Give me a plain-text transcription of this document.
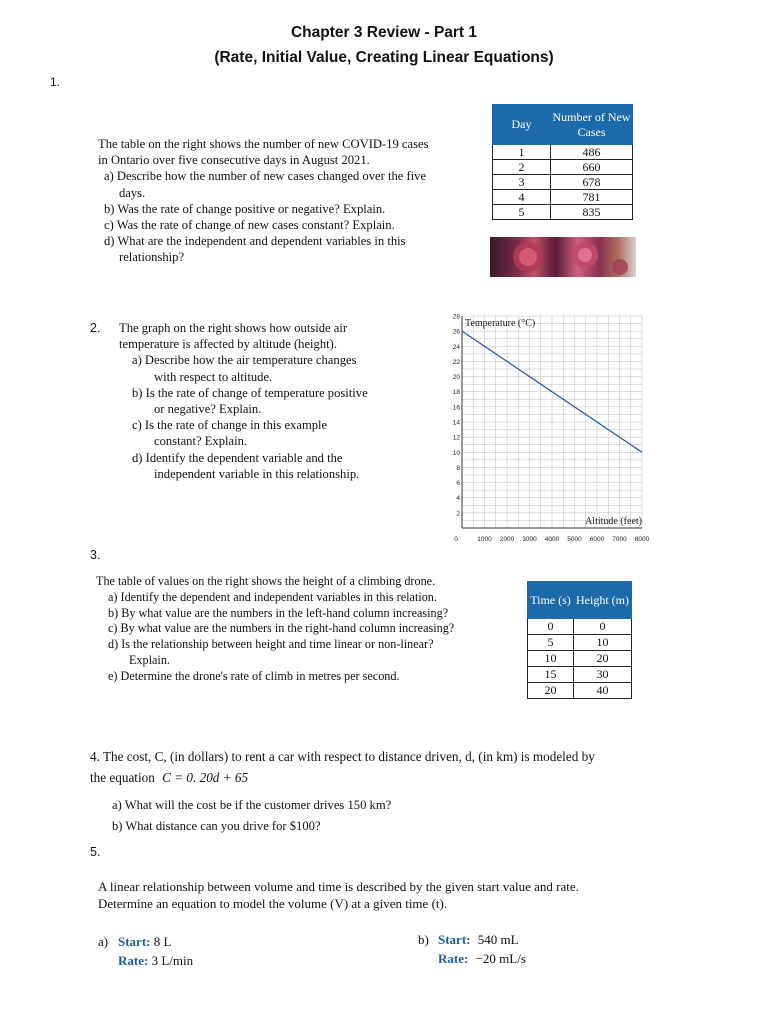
Chapter 3 Review - Part 1
(Rate, Initial Value, Creating Linear Equations)
1.

The table on the right shows the number of new COVID-19 cases

in Ontario over five consecutive days in August 2021.

a) Describe how the number of new cases changed over the five

days.

b) Was the rate of change positive or negative? Explain.

c) Was the rate of change of new cases constant? Explain.

d) What are the independent and dependent variables in this

relationship?

Day	Number of New Cases
1	486
2	660
3	678
4	781
5	835
2.	The graph on the right shows how outside air

temperature is affected by altitude (height).

a) Describe how the air temperature changes

with respect to altitude.

b) Is the rate of change of temperature positive

or negative? Explain.

c) Is the rate of change in this example

constant? Explain.

d) Identify the dependent variable and the

independent variable in this relationship.

2
4
6
8
10
12
14
16
18
20
22
24
26
28
0	1000 2000 3000 4000 5000 6000 7000 8000
Temperature (°C)
Altitude (feet)
3.

The table of values on the right shows the height of a climbing drone.

a) Identify the dependent and independent variables in this relation.

b) By what value are the numbers in the left-hand column increasing?

c) By what value are the numbers in the right-hand column increasing?

d) Is the relationship between height and time linear or non-linear?

Explain.

e) Determine the drone's rate of climb in metres per second.

Time (s)	Height (m)
0	0
5	10
10	20
15	30
20	40

4. The cost, C, (in dollars) to rent a car with respect to distance driven, d, (in km) is modeled by

the equation C = 0. 20d + 65

a) What will the cost be if the customer drives 150 km?

b) What distance can you drive for $100?

5.

A linear relationship between volume and time is described by the given start value and rate.

Determine an equation to model the volume (V) at a given time (t).

a) Start: 8 L
Rate: 3 L/min
b) Start: 540 mL
Rate: −20 mL/s
